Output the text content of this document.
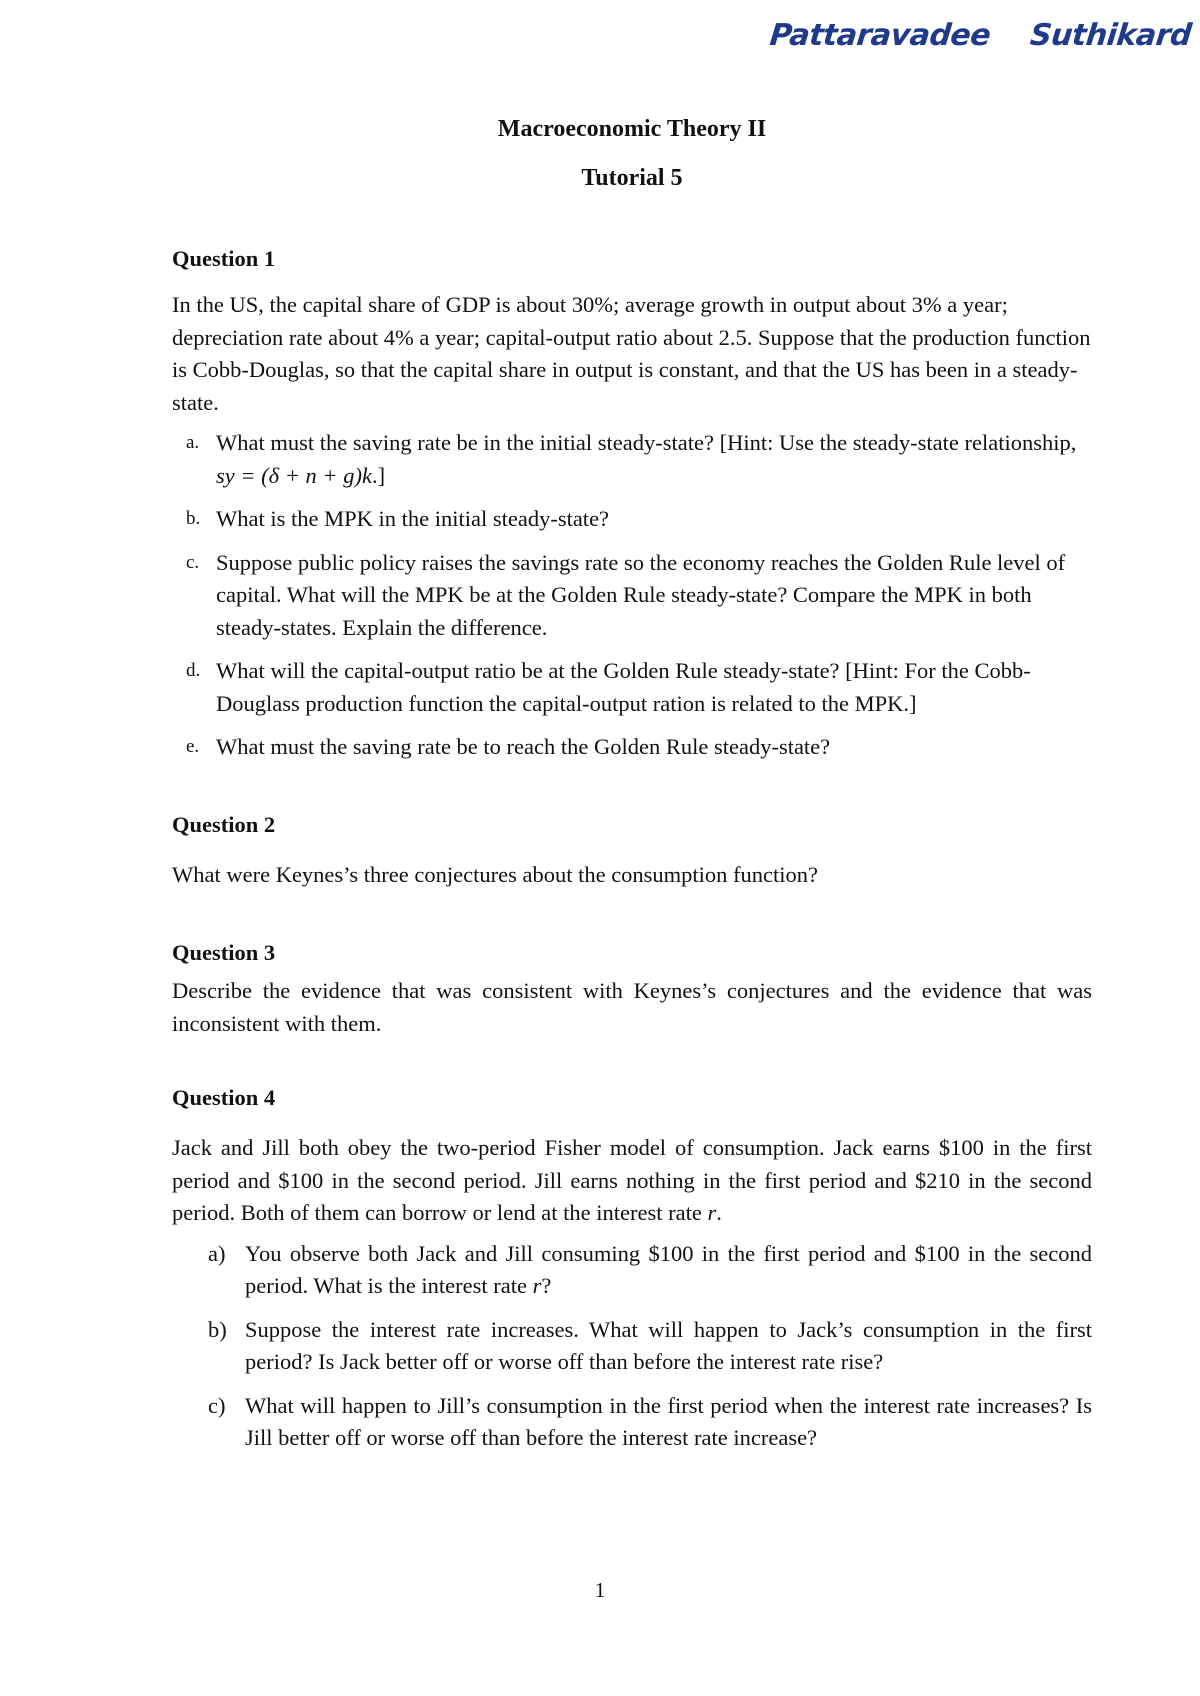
Pattaravadee Suthikard
Macroeconomic Theory II
Tutorial 5

Question 1

In the US, the capital share of GDP is about 30%; average growth in output about 3% a year; depreciation rate about 4% a year; capital-output ratio about 2.5. Suppose that the production function is Cobb-Douglas, so that the capital share in output is constant, and that the US has been in a steady-state.

a. What must the saving rate be in the initial steady-state? [Hint: Use the steady-state relationship, sy = (δ + n + g)k.]
b. What is the MPK in the initial steady-state?
c. Suppose public policy raises the savings rate so the economy reaches the Golden Rule level of capital. What will the MPK be at the Golden Rule steady-state? Compare the MPK in both steady-states. Explain the difference.
d. What will the capital-output ratio be at the Golden Rule steady-state? [Hint: For the Cobb-Douglass production function the capital-output ration is related to the MPK.]
e. What must the saving rate be to reach the Golden Rule steady-state?

Question 2

What were Keynes’s three conjectures about the consumption function?

Question 3

Describe the evidence that was consistent with Keynes’s conjectures and the evidence that was inconsistent with them.

Question 4

Jack and Jill both obey the two-period Fisher model of consumption. Jack earns $100 in the first period and $100 in the second period. Jill earns nothing in the first period and $210 in the second period. Both of them can borrow or lend at the interest rate r.

a) You observe both Jack and Jill consuming $100 in the first period and $100 in the second period. What is the interest rate r?
b) Suppose the interest rate increases. What will happen to Jack’s consumption in the first period? Is Jack better off or worse off than before the interest rate rise?
c) What will happen to Jill’s consumption in the first period when the interest rate increases? Is Jill better off or worse off than before the interest rate increase?
1
